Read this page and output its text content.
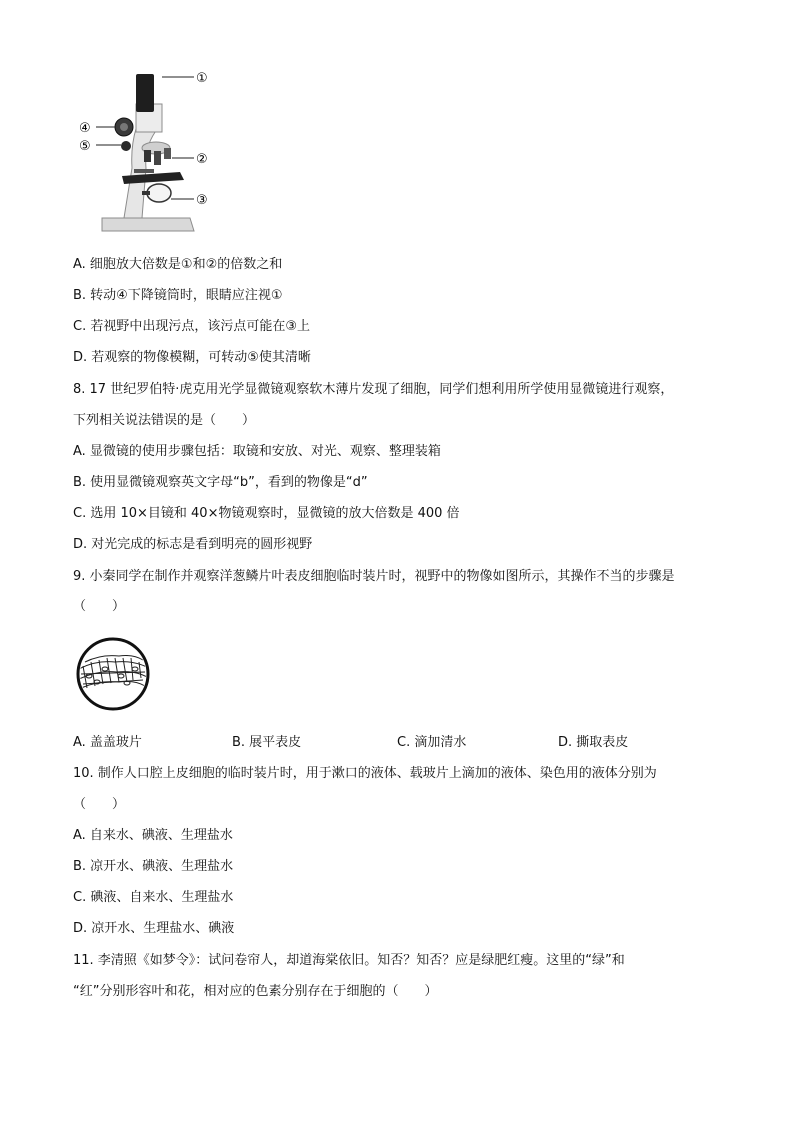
①
②
③
④
⑤
A. 细胞放大倍数是①和②的倍数之和
B. 转动④下降镜筒时，眼睛应注视①
C. 若视野中出现污点，该污点可能在③上
D. 若观察的物像模糊，可转动⑤使其清晰
8. 17 世纪罗伯特·虎克用光学显微镜观察软木薄片发现了细胞，同学们想利用所学使用显微镜进行观察，
下列相关说法错误的是（　　）
A. 显微镜的使用步骤包括：取镜和安放、对光、观察、整理装箱
B. 使用显微镜观察英文字母“b”，看到的物像是“d”
C. 选用 10×目镜和 40×物镜观察时，显微镜的放大倍数是 400 倍
D. 对光完成的标志是看到明亮的圆形视野
9. 小秦同学在制作并观察洋葱鳞片叶表皮细胞临时装片时，视野中的物像如图所示，其操作不当的步骤是
（　　）
A. 盖盖玻片	B. 展平表皮	C. 滴加清水	D. 撕取表皮
10. 制作人口腔上皮细胞的临时装片时，用于漱口的液体、载玻片上滴加的液体、染色用的液体分别为
（　　）
A. 自来水、碘液、生理盐水
B. 凉开水、碘液、生理盐水
C. 碘液、自来水、生理盐水
D. 凉开水、生理盐水、碘液
11. 李清照《如梦令》：试问卷帘人，却道海棠依旧。知否？知否？应是绿肥红瘦。这里的“绿”和
“红”分别形容叶和花，相对应的色素分别存在于细胞的（　　）
